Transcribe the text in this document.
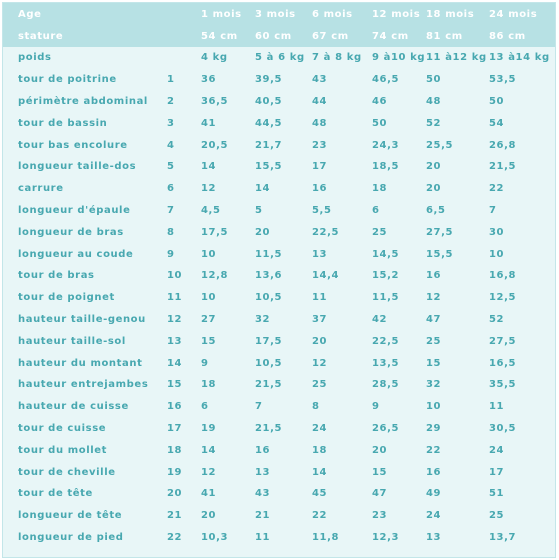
Age		1 mois	3 mois	6 mois	12 mois	18 mois	24 mois
stature		54 cm	60 cm	67 cm	74 cm	81 cm	86 cm
poids		4 kg	5 à 6 kg	7 à 8 kg	9 à10 kg	11 à12 kg	13 à14 kg
tour de poitrine	1	36	39,5	43	46,5	50	53,5
périmètre abdominal	2	36,5	40,5	44	46	48	50
tour de bassin	3	41	44,5	48	50	52	54
tour bas encolure	4	20,5	21,7	23	24,3	25,5	26,8
longueur taille-dos	5	14	15,5	17	18,5	20	21,5
carrure	6	12	14	16	18	20	22
longueur d'épaule	7	4,5	5	5,5	6	6,5	7
longueur de bras	8	17,5	20	22,5	25	27,5	30
longueur au coude	9	10	11,5	13	14,5	15,5	10
tour de bras	10	12,8	13,6	14,4	15,2	16	16,8
tour de poignet	11	10	10,5	11	11,5	12	12,5
hauteur taille-genou	12	27	32	37	42	47	52
hauteur taille-sol	13	15	17,5	20	22,5	25	27,5
hauteur du montant	14	9	10,5	12	13,5	15	16,5
hauteur entrejambes	15	18	21,5	25	28,5	32	35,5
hauteur de cuisse	16	6	7	8	9	10	11
tour de cuisse	17	19	21,5	24	26,5	29	30,5
tour du mollet	18	14	16	18	20	22	24
tour de cheville	19	12	13	14	15	16	17
tour de tête	20	41	43	45	47	49	51
longueur de tête	21	20	21	22	23	24	25
longueur de pied	22	10,3	11	11,8	12,3	13	13,7
